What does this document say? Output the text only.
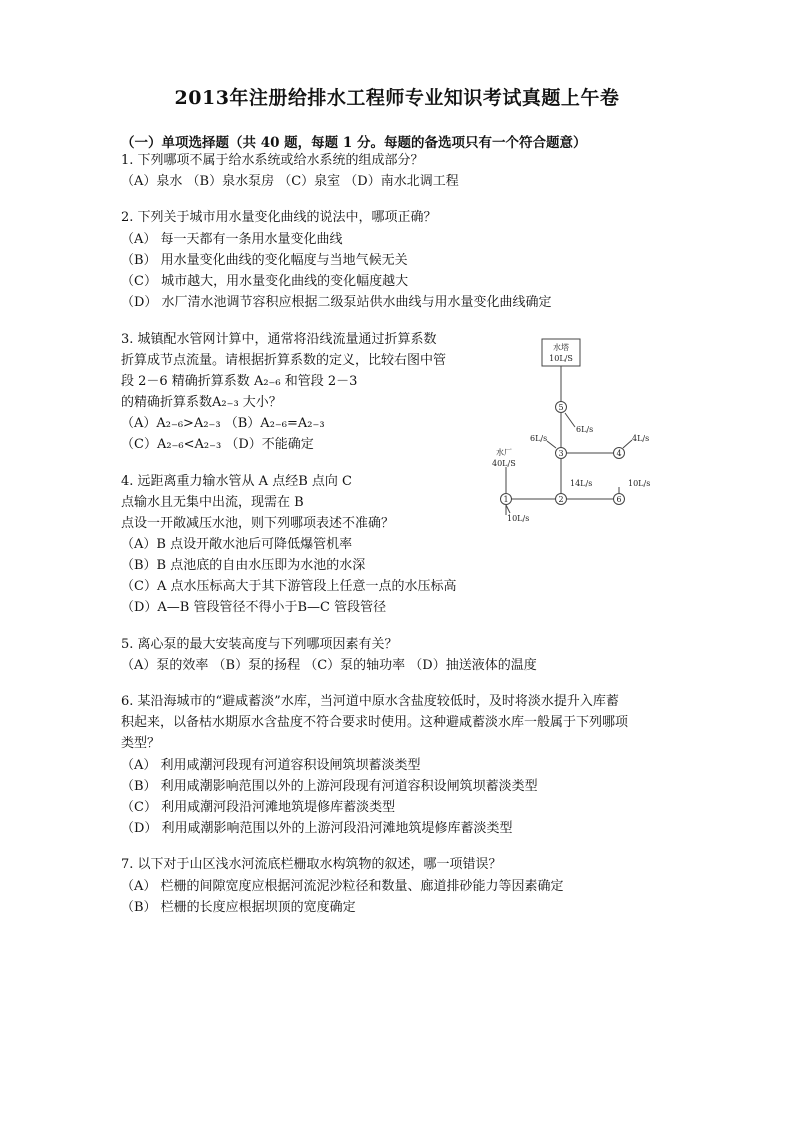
2013年注册给排水工程师专业知识考试真题上午卷
（一）单项选择题（共 40 题，每题 1 分。每题的备选项只有一个符合题意）
1. 下列哪项不属于给水系统或给水系统的组成部分？
（A）泉水 （B）泉水泵房 （C）泉室 （D）南水北调工程
2. 下列关于城市用水量变化曲线的说法中，哪项正确？
（A） 每一天都有一条用水量变化曲线
（B） 用水量变化曲线的变化幅度与当地气候无关
（C） 城市越大，用水量变化曲线的变化幅度越大
（D） 水厂清水池调节容积应根据二级泵站供水曲线与用水量变化曲线确定
3. 城镇配水管网计算中，通常将沿线流量通过折算系数
折算成节点流量。请根据折算系数的定义，比较右图中管
段 2－6 精确折算系数 A₂₋₆ 和管段 2－3
的精确折算系数A₂₋₃ 大小？
（A）A₂₋₆>A₂₋₃ （B）A₂₋₆=A₂₋₃
（C）A₂₋₆<A₂₋₃ （D）不能确定
水塔
10L/S
5
3	4
1	2	6
6L/s
6L/s	4L/s
水厂
40L/S
14L/s	10L/s
10L/s
4. 远距离重力输水管从 A 点经B 点向 C
点输水且无集中出流，现需在 B
点设一开敞减压水池，则下列哪项表述不准确？
（A）B 点设开敞水池后可降低爆管机率
（B）B 点池底的自由水压即为水池的水深
（C）A 点水压标高大于其下游管段上任意一点的水压标高
（D）A—B 管段管径不得小于B—C 管段管径
5. 离心泵的最大安装高度与下列哪项因素有关？
（A）泵的效率 （B）泵的扬程 （C）泵的轴功率 （D）抽送液体的温度
6. 某沿海城市的“避咸蓄淡”水库，当河道中原水含盐度较低时，及时将淡水提升入库蓄
积起来，以备枯水期原水含盐度不符合要求时使用。这种避咸蓄淡水库一般属于下列哪项
类型？
（A） 利用咸潮河段现有河道容积设闸筑坝蓄淡类型
（B） 利用咸潮影响范围以外的上游河段现有河道容积设闸筑坝蓄淡类型
（C） 利用咸潮河段沿河滩地筑堤修库蓄淡类型
（D） 利用咸潮影响范围以外的上游河段沿河滩地筑堤修库蓄淡类型
7. 以下对于山区浅水河流底栏栅取水构筑物的叙述，哪一项错误？
（A） 栏栅的间隙宽度应根据河流泥沙粒径和数量、廊道排砂能力等因素确定
（B） 栏栅的长度应根据坝顶的宽度确定
